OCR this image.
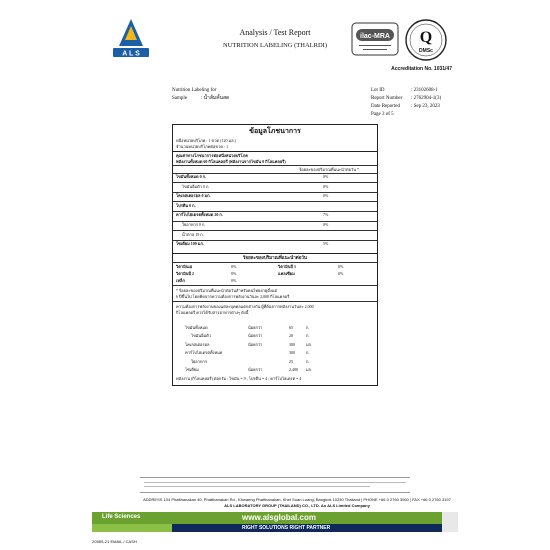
A L S
Analysis / Test Report
NUTRITION LABELING (THALRDI)
ilac-MRA Q
DMSc
Accreditation No. 1031/47
Nutrition Labeling for
Sample	: น้ำส้มคั้นสด
Lot ID	: 23102608-1
Report Number : 2762904-1(3)
Date Reported : Sep 23, 2023
Page 3 of 5
ข้อมูลโภชนาการ
หนึ่งหน่วยบริโภค : 1 ขวด (120 มล.)
จำนวนหน่วยบริโภคต่อขวด : 1
คุณค่าทางโภชนาการต่อหนึ่งหน่วยบริโภค
พลังงานทั้งหมด 60 กิโลแคลอรี (พลังงานจากไขมัน 0 กิโลแคลอรี)
ร้อยละของปริมาณที่แนะนำต่อวัน *
ไขมันทั้งหมด 0 ก.	0%
ไขมันอิ่มตัว 0 ก.	0%
โคเลสเตอรอล 0 มก.	0%
โปรตีน 0 ก.
คาร์โบไฮเดรตทั้งหมด 20 ก.	7%
ใยอาหาร 0 ก.	0%
น้ำตาล 19 ก.
โซเดียม 100 มก.	5%
ร้อยละของปริมาณที่แนะนำต่อวัน
วิตามินเอ	0%	วิตามินบี 1	0%
วิตามินบี 2	0%	แคลเซียม	0%
เหล็ก	0%
* ร้อยละของปริมาณที่แนะนำต่อวันสำหรับคนไทยอายุตั้งแต่
6 ปีขึ้นไป โดยคิดจากความต้องการพลังงานวันละ 2,000 กิโลแคลอรี
ความต้องการพลังงานของแต่ละบุคคลแตกต่างกัน ผู้ที่ต้องการพลังงานวันละ 2,000
กิโลแคลอรี ควรได้รับสารอาหารต่างๆ ดังนี้
ไขมันทั้งหมด	น้อยกว่า	65	ก.
ไขมันอิ่มตัว	น้อยกว่า	20	ก.
โคเลสเตอรอล	น้อยกว่า	300	มก.
คาร์โบไฮเดรตทั้งหมด	300	ก.
ใยอาหาร	25	ก.
โซเดียม	น้อยกว่า	2,400 มก.
พลังงาน (กิโลแคลอรี) ต่อกรัม : ไขมัน = 9 ; โปรตีน = 4 ; คาร์โบไฮเดรต = 4
ADDRESS 104 Phatthanakan 40, Phatthanakan Rd., Khwaeng Phatthanakan, Khet Suan Luang, Bangkok 10250 Thailand | PHONE +66 0 2760 3060 | FAX +66 0 2760 3197
ALS LABORATORY GROUP (THAILAND) CO., LTD. An ALS Limited Company
Life Sciences	www.alsglobal.com
RIGHT SOLUTIONS RIGHT PARTNER
2058S-21 EMAIL / CASH
